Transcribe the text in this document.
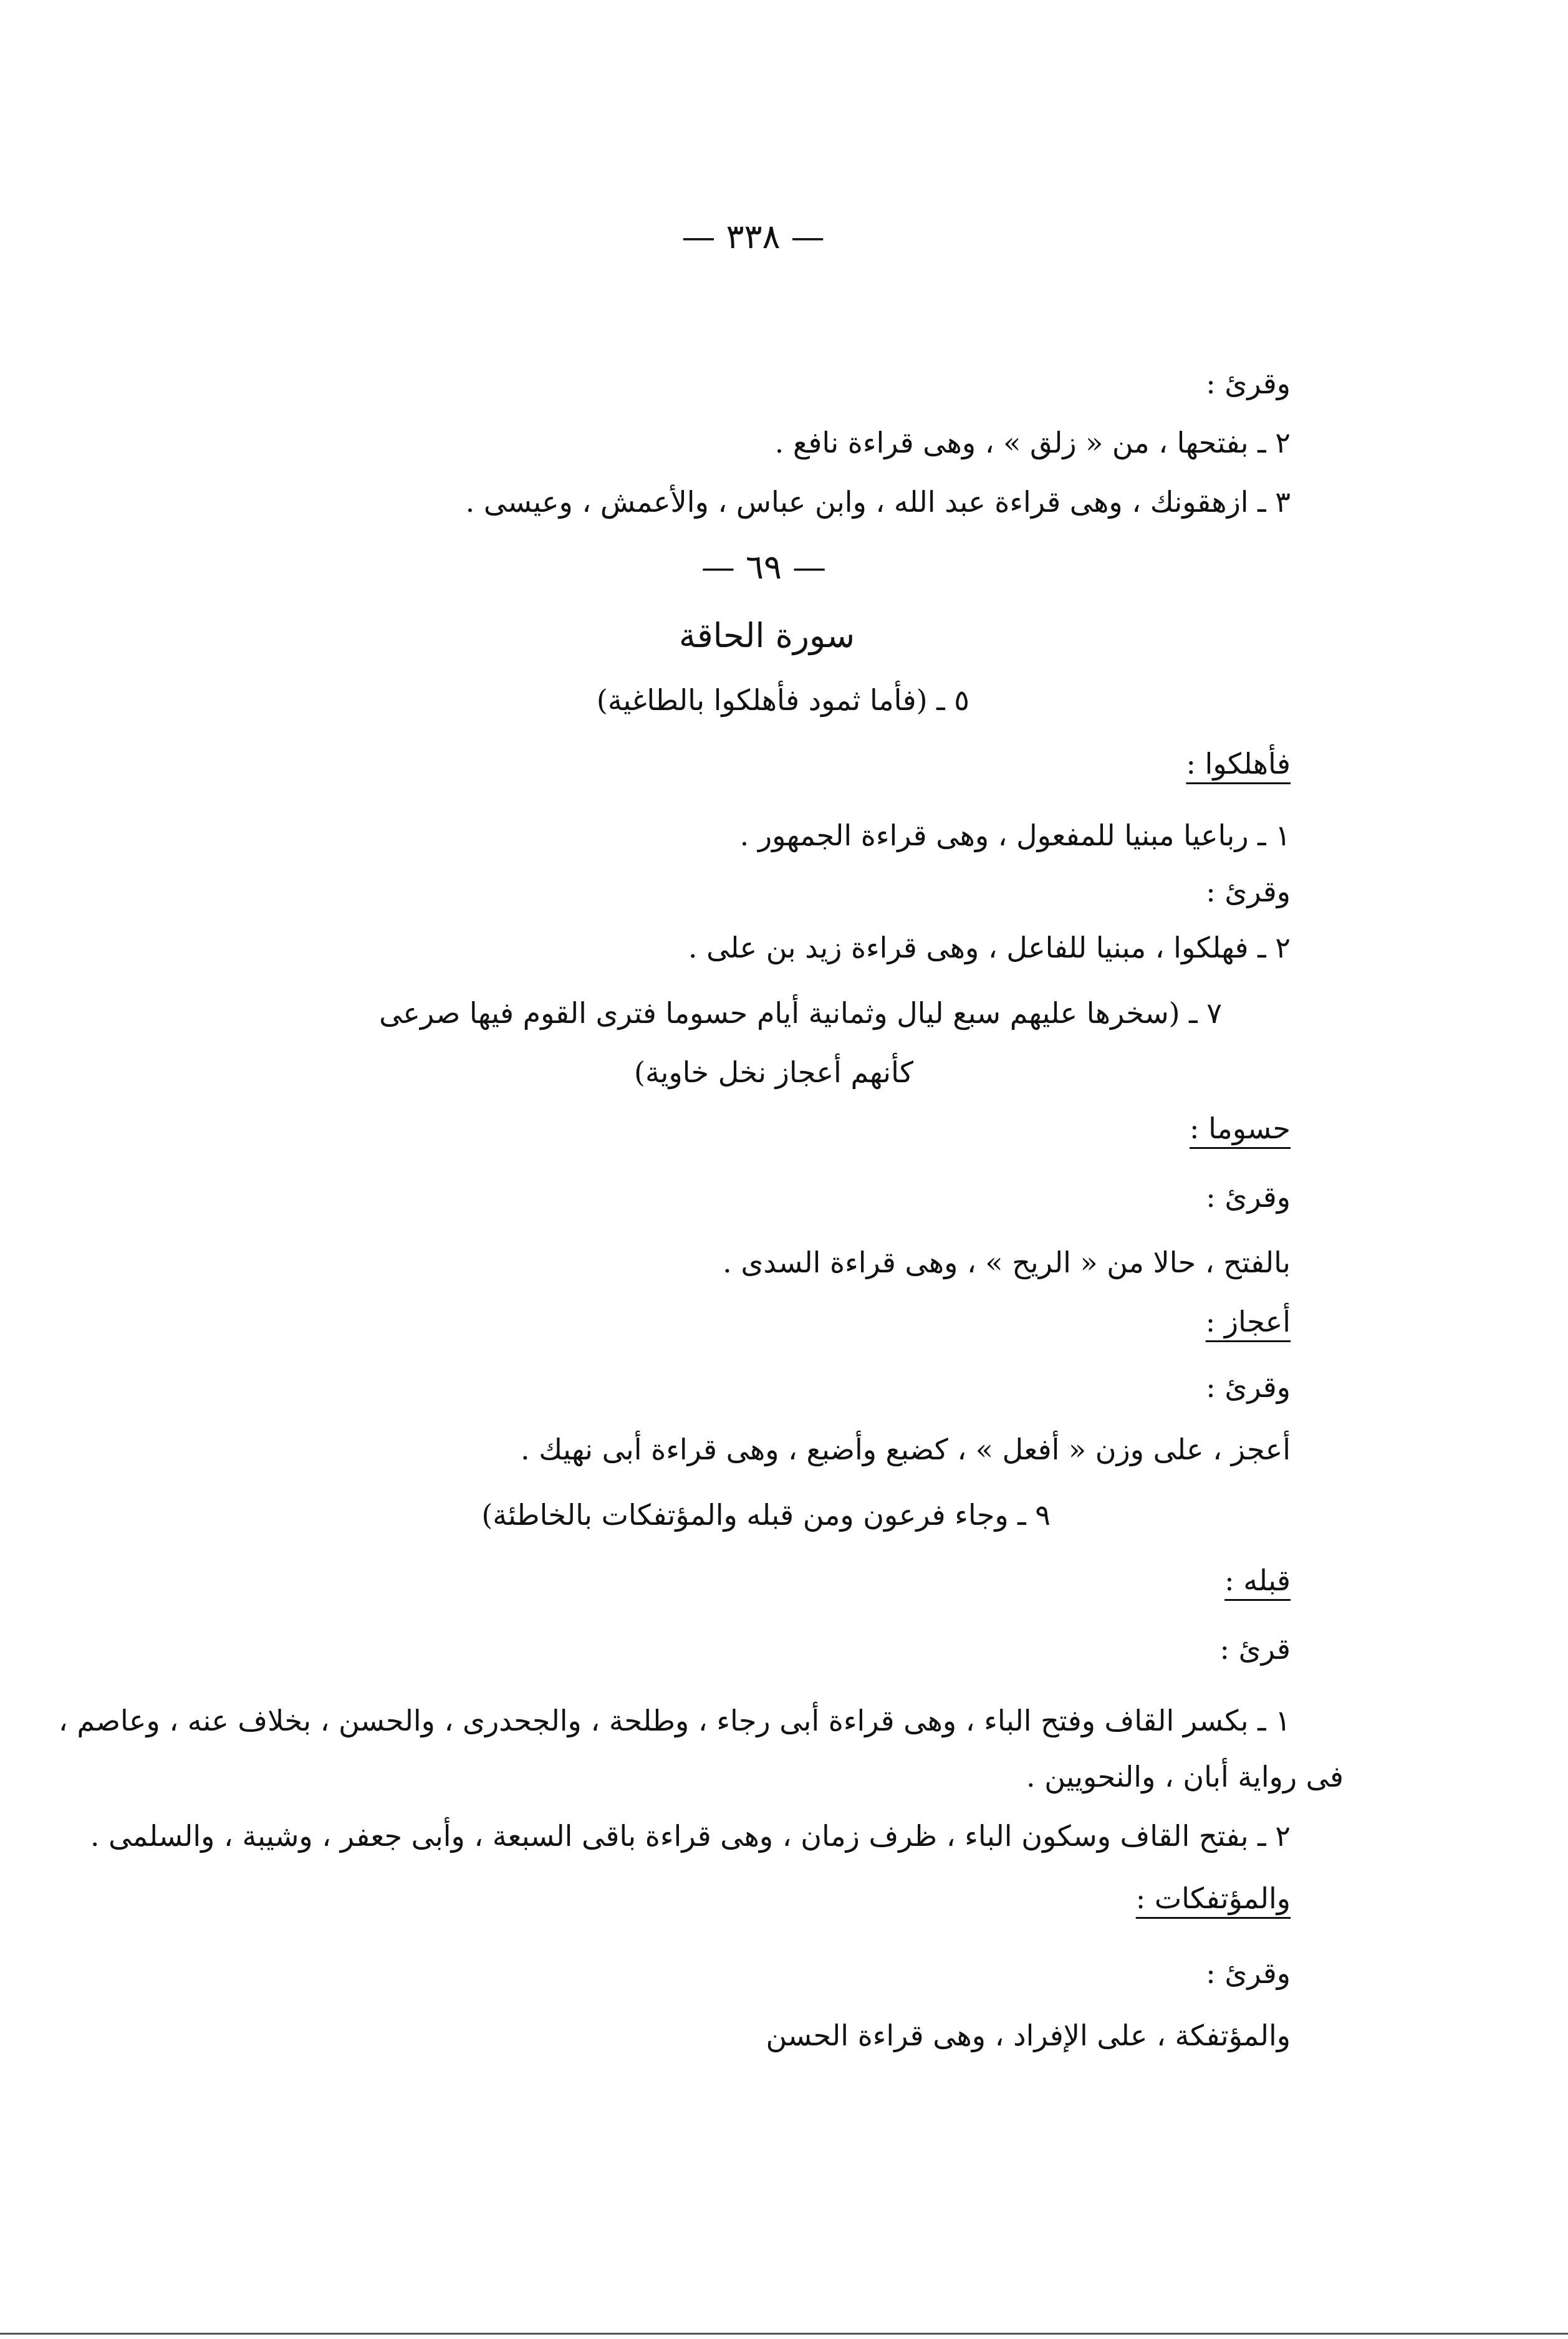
— ٣٣٨ —
وقرئ :
٢ ـ بفتحها ، من « زلق » ، وهى قراءة نافع .
٣ ـ ازهقونك ، وهى قراءة عبد الله ، وابن عباس ، والأعمش ، وعيسى .
— ٦٩ —
سورة الحاقة
٥ ـ (فأما ثمود فأهلكوا بالطاغية)
فأهلكوا :
١ ـ رباعيا مبنيا للمفعول ، وهى قراءة الجمهور .
وقرئ :
٢ ـ فهلكوا ، مبنيا للفاعل ، وهى قراءة زيد بن على .
٧ ـ (سخرها عليهم سبع ليال وثمانية أيام حسوما فترى القوم فيها صرعى
كأنهم أعجاز نخل خاوية)
حسوما :
وقرئ :
بالفتح ، حالا من « الريح » ، وهى قراءة السدى .
أعجاز :
وقرئ :
أعجز ، على وزن « أفعل » ، كضبع وأضبع ، وهى قراءة أبى نهيك .
٩ ـ وجاء فرعون ومن قبله والمؤتفكات بالخاطئة)
قبله :
قرئ :
١ ـ بكسر القاف وفتح الباء ، وهى قراءة أبى رجاء ، وطلحة ، والجحدرى ، والحسن ، بخلاف عنه ، وعاصم ،
فى رواية أبان ، والنحويين .
٢ ـ بفتح القاف وسكون الباء ، ظرف زمان ، وهى قراءة باقى السبعة ، وأبى جعفر ، وشيبة ، والسلمى .
والمؤتفكات :
وقرئ :
والمؤتفكة ، على الإفراد ، وهى قراءة الحسن
